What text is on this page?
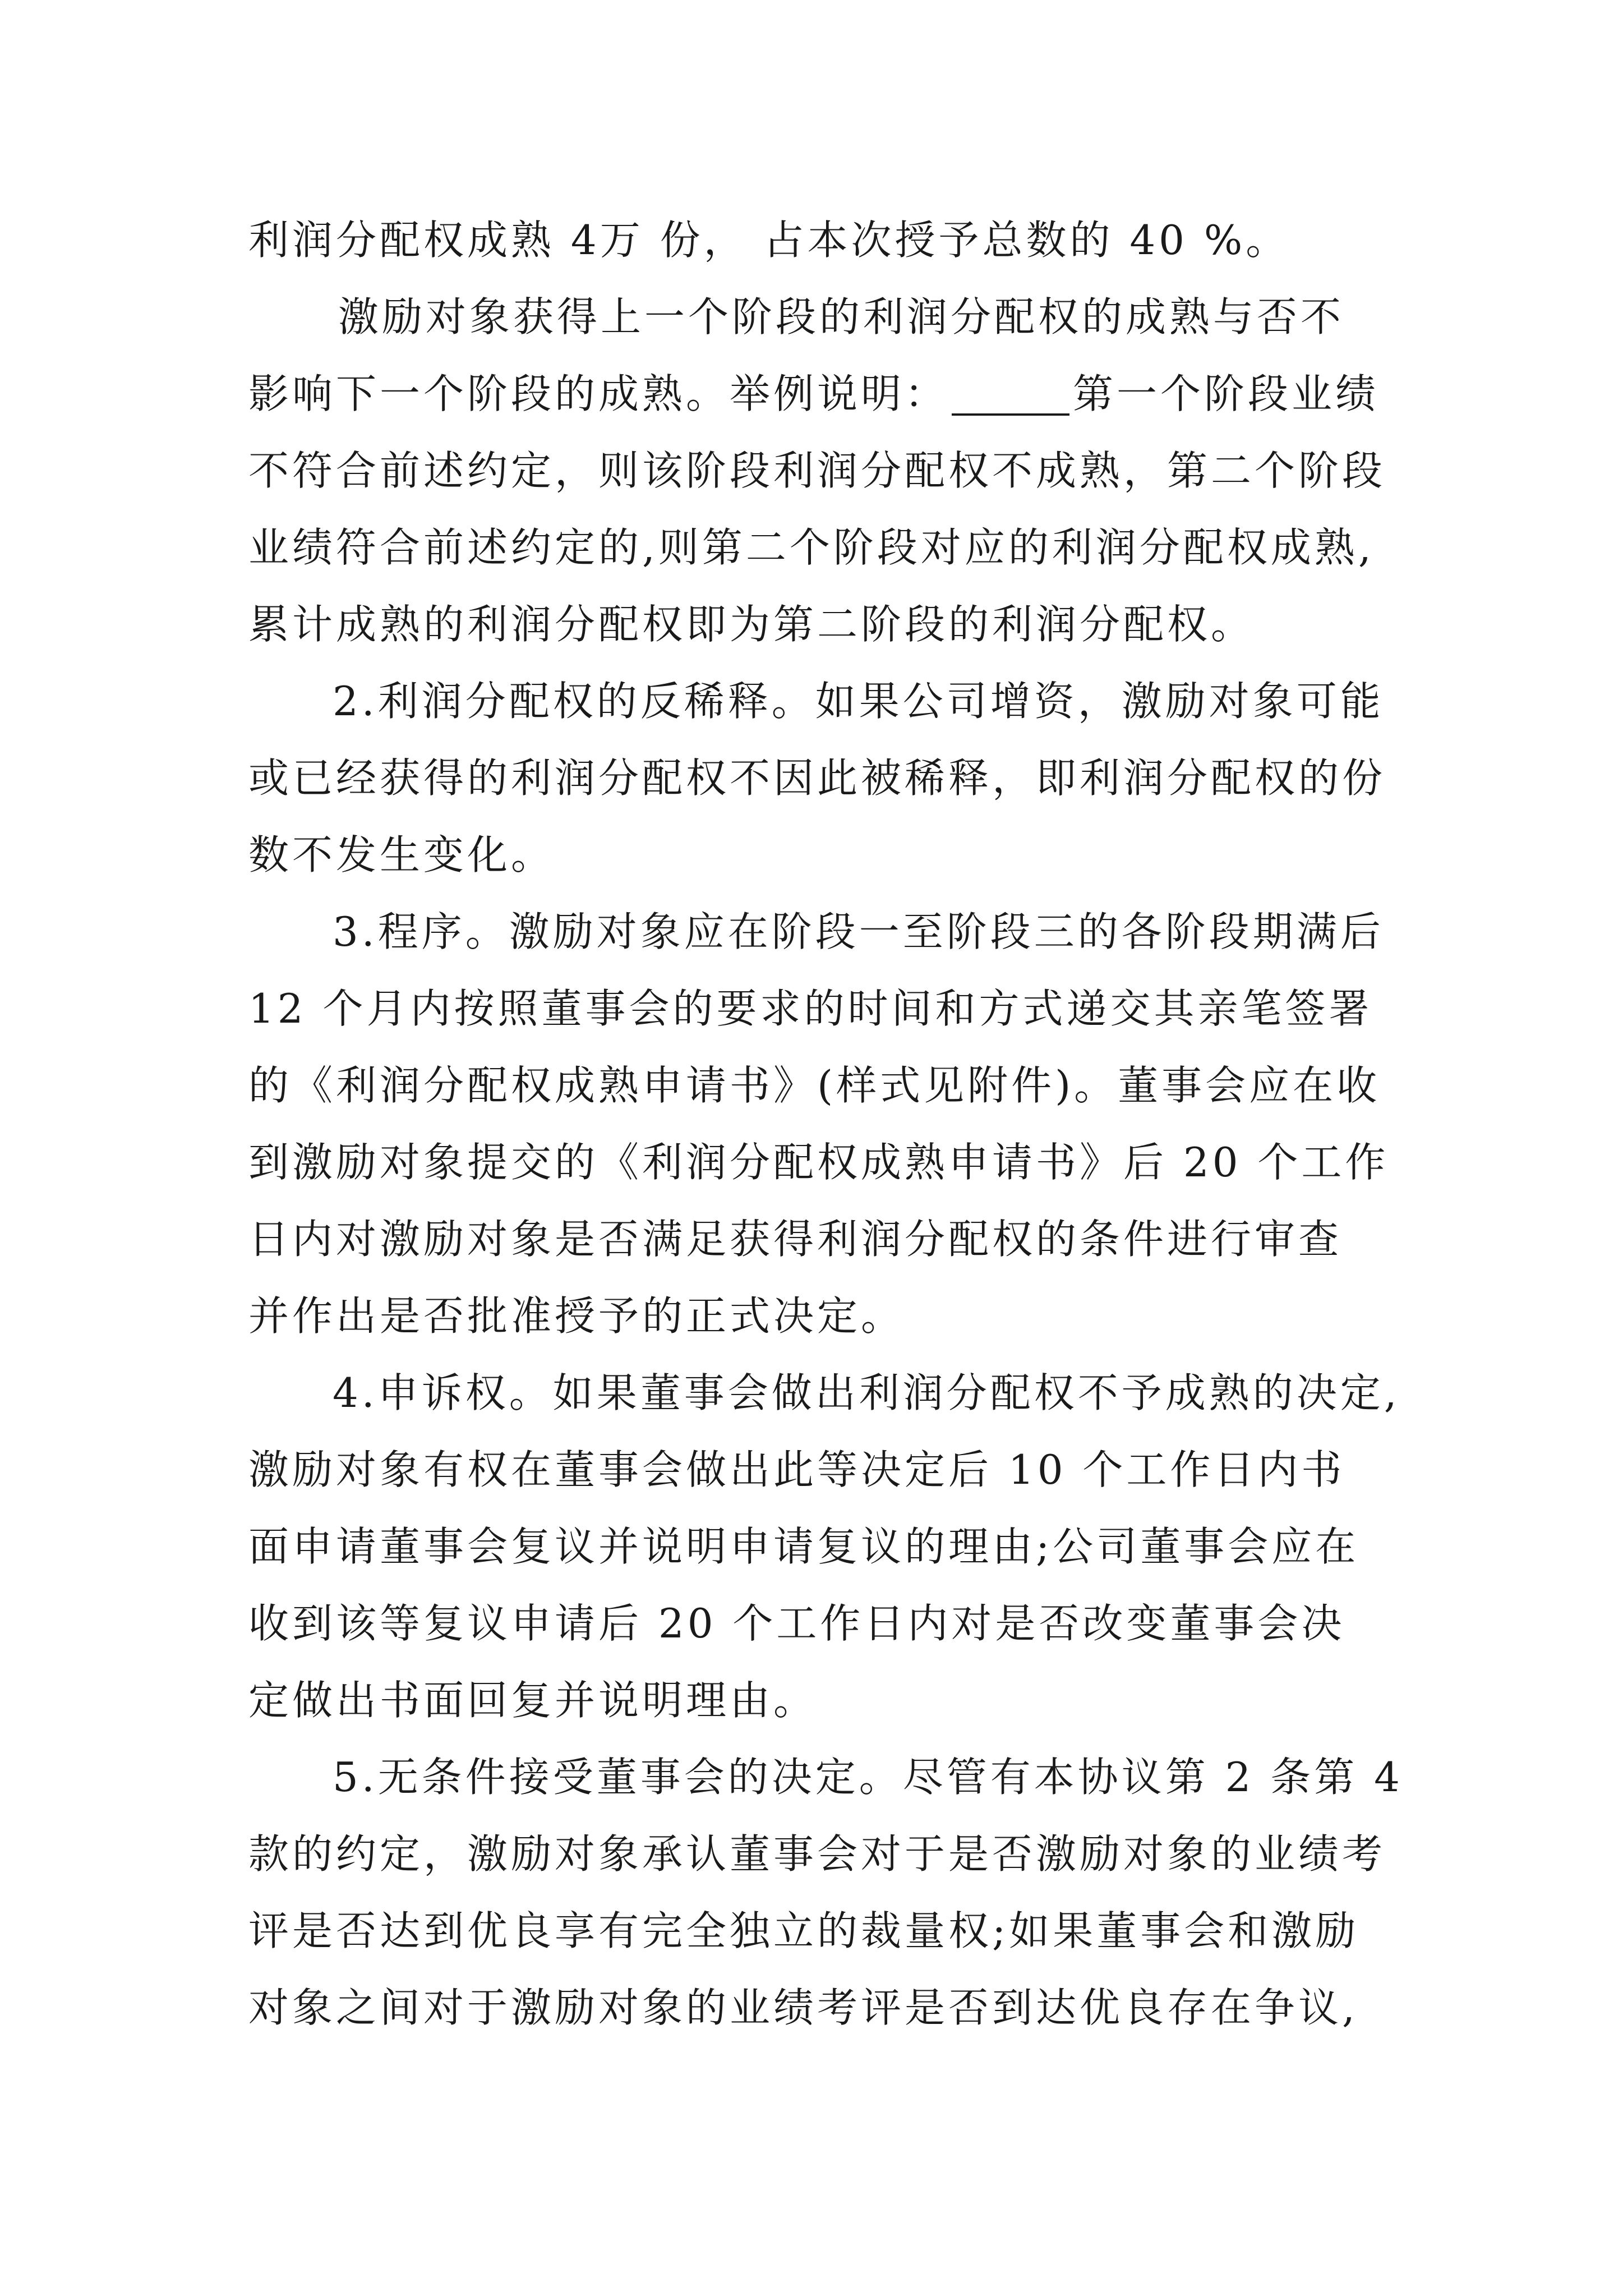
利润分配权成熟 4万 份， 占本次授予总数的 40 %。
激励对象获得上一个阶段的利润分配权的成熟与否不
影响下一个阶段的成熟。举例说明：	第一个阶段业绩
不符合前述约定，则该阶段利润分配权不成熟，第二个阶段
业绩符合前述约定的,则第二个阶段对应的利润分配权成熟,
累计成熟的利润分配权即为第二阶段的利润分配权。
2.利润分配权的反稀释。如果公司增资，激励对象可能
或已经获得的利润分配权不因此被稀释，即利润分配权的份
数不发生变化。
3.程序。激励对象应在阶段一至阶段三的各阶段期满后
12 个月内按照董事会的要求的时间和方式递交其亲笔签署
的《利润分配权成熟申请书》(样式见附件)。董事会应在收
到激励对象提交的《利润分配权成熟申请书》后 20 个工作
日内对激励对象是否满足获得利润分配权的条件进行审查
并作出是否批准授予的正式决定。
4.申诉权。如果董事会做出利润分配权不予成熟的决定,
激励对象有权在董事会做出此等决定后 10 个工作日内书
面申请董事会复议并说明申请复议的理由;公司董事会应在
收到该等复议申请后 20 个工作日内对是否改变董事会决
定做出书面回复并说明理由。
5.无条件接受董事会的决定。尽管有本协议第 2 条第 4
款的约定，激励对象承认董事会对于是否激励对象的业绩考
评是否达到优良享有完全独立的裁量权;如果董事会和激励
对象之间对于激励对象的业绩考评是否到达优良存在争议,
